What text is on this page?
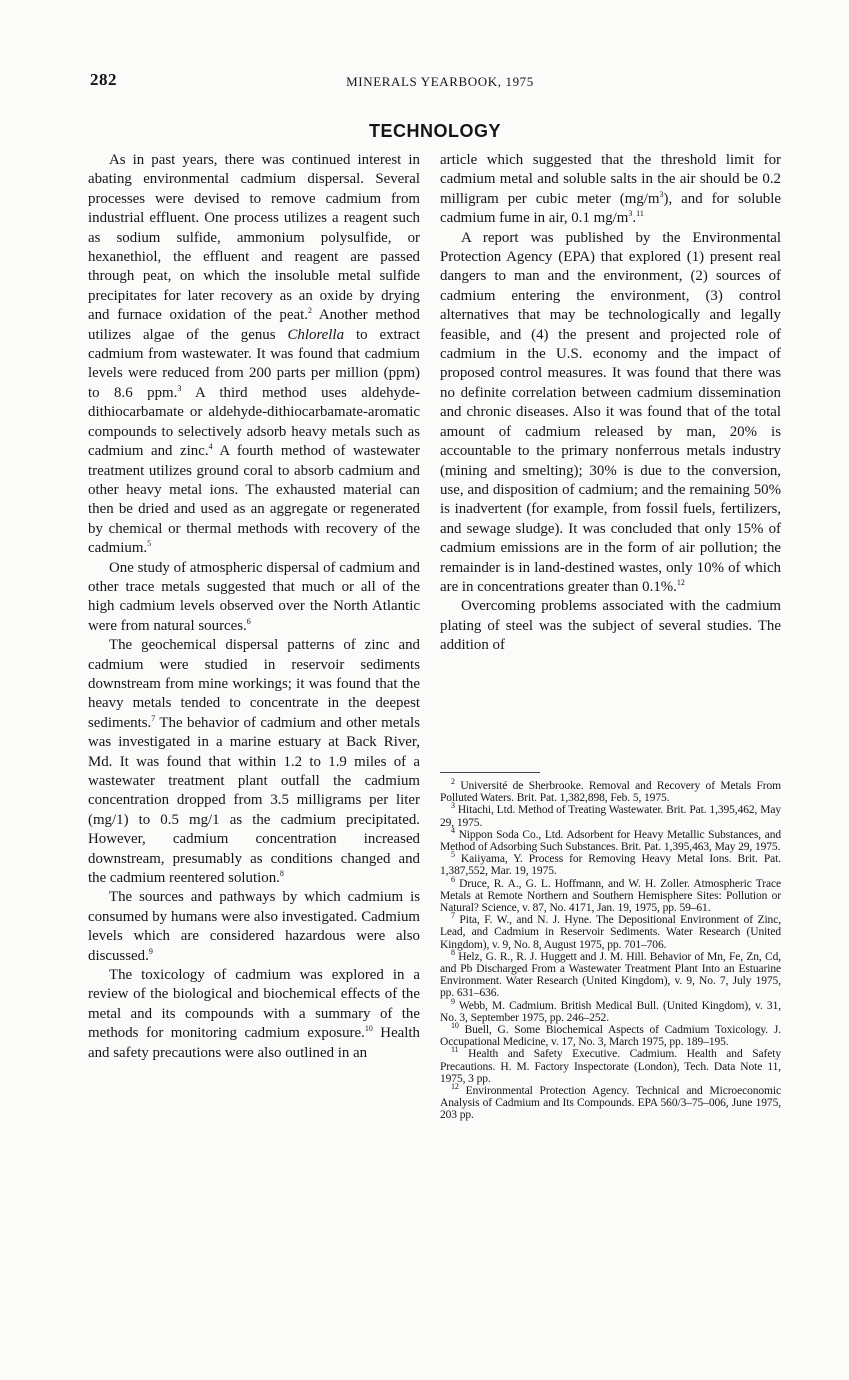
282	MINERALS YEARBOOK, 1975
TECHNOLOGY

As in past years, there was continued interest in abating environmental cadmium dispersal. Several processes were devised to remove cadmium from industrial effluent. One process utilizes a reagent such as sodium sulfide, ammonium polysulfide, or hexanethiol, the effluent and reagent are passed through peat, on which the insoluble metal sulfide precipitates for later recovery as an oxide by drying and furnace oxidation of the peat.$^2$ Another method utilizes algae of the genus Chlorella to extract cadmium from wastewater. It was found that cadmium levels were reduced from 200 parts per million (ppm) to 8.6 ppm.$^3$ A third method uses aldehyde-dithiocarbamate or aldehyde-dithiocarbamate-aromatic compounds to selectively adsorb heavy metals such as cadmium and zinc.$^4$ A fourth method of wastewater treatment utilizes ground coral to absorb cadmium and other heavy metal ions. The exhausted material can then be dried and used as an aggregate or regenerated by chemical or thermal methods with recovery of the cadmium.$^5$

One study of atmospheric dispersal of cadmium and other trace metals suggested that much or all of the high cadmium levels observed over the North Atlantic were from natural sources.$^6$

The geochemical dispersal patterns of zinc and cadmium were studied in reservoir sediments downstream from mine workings; it was found that the heavy metals tended to concentrate in the deepest sediments.$^7$ The behavior of cadmium and other metals was investigated in a marine estuary at Back River, Md. It was found that within 1.2 to 1.9 miles of a wastewater treatment plant outfall the cadmium concentration dropped from 3.5 milligrams per liter (mg/1) to 0.5 mg/1 as the cadmium precipitated. However, cadmium concentration increased downstream, presumably as conditions changed and the cadmium reentered solution.$^8$

The sources and pathways by which cadmium is consumed by humans were also investigated. Cadmium levels which are considered hazardous were also discussed.$^9$

The toxicology of cadmium was explored in a review of the biological and biochemical effects of the metal and its compounds with a summary of the methods for monitoring cadmium exposure.$^{10}$ Health and safety precautions were also outlined in an

article which suggested that the threshold limit for cadmium metal and soluble salts in the air should be 0.2 milligram per cubic meter $(mg/m^3)$, and for soluble cadmium fume in air, 0.1 $mg/m^3.^{11}$

A report was published by the Environmental Protection Agency (EPA) that explored (1) present real dangers to man and the environment, (2) sources of cadmium entering the environment, (3) control alternatives that may be technologically and legally feasible, and (4) the present and projected role of cadmium in the U.S. economy and the impact of proposed control measures. It was found that there was no definite correlation between cadmium dissemination and chronic diseases. Also it was found that of the total amount of cadmium released by man, 20% is accountable to the primary nonferrous metals industry (mining and smelting); 30% is due to the conversion, use, and disposition of cadmium; and the remaining 50% is inadvertent (for example, from fossil fuels, fertilizers, and sewage sludge). It was concluded that only 15% of cadmium emissions are in the form of air pollution; the remainder is in land-destined wastes, only 10% of which are in concentrations greater than 0.1%.$^{12}$

Overcoming problems associated with the cadmium plating of steel was the subject of several studies. The addition of

$^2$ Université de Sherbrooke. Removal and Recovery of Metals From Polluted Waters. Brit. Pat. 1,382,898, Feb. 5, 1975.

$^3$ Hitachi, Ltd. Method of Treating Wastewater. Brit. Pat. 1,395,462, May 29, 1975.

$^4$ Nippon Soda Co., Ltd. Adsorbent for Heavy Metallic Substances, and Method of Adsorbing Such Substances. Brit. Pat. 1,395,463, May 29, 1975.

$^5$ Kaiiyama, Y. Process for Removing Heavy Metal Ions. Brit. Pat. 1,387,552, Mar. 19, 1975.

$^6$ Druce, R. A., G. L. Hoffmann, and W. H. Zoller. Atmospheric Trace Metals at Remote Northern and Southern Hemisphere Sites: Pollution or Natural? Science, v. 87, No. 4171, Jan. 19, 1975, pp. 59–61.

$^7$ Pita, F. W., and N. J. Hyne. The Depositional Environment of Zinc, Lead, and Cadmium in Reservoir Sediments. Water Research (United Kingdom), v. 9, No. 8, August 1975, pp. 701–706.

$^8$ Helz, G. R., R. J. Huggett and J. M. Hill. Behavior of Mn, Fe, Zn, Cd, and Pb Discharged From a Wastewater Treatment Plant Into an Estuarine Environment. Water Research (United Kingdom), v. 9, No. 7, July 1975, pp. 631–636.

$^9$ Webb, M. Cadmium. British Medical Bull. (United Kingdom), v. 31, No. 3, September 1975, pp. 246–252.

$^{10}$ Buell, G. Some Biochemical Aspects of Cadmium Toxicology. J. Occupational Medicine, v. 17, No. 3, March 1975, pp. 189–195.

$^{11}$ Health and Safety Executive. Cadmium. Health and Safety Precautions. H. M. Factory Inspectorate (London), Tech. Data Note 11, 1975, 3 pp.

$^{12}$ Environmental Protection Agency. Technical and Microeconomic Analysis of Cadmium and Its Compounds. EPA 560/3–75–006, June 1975, 203 pp.
